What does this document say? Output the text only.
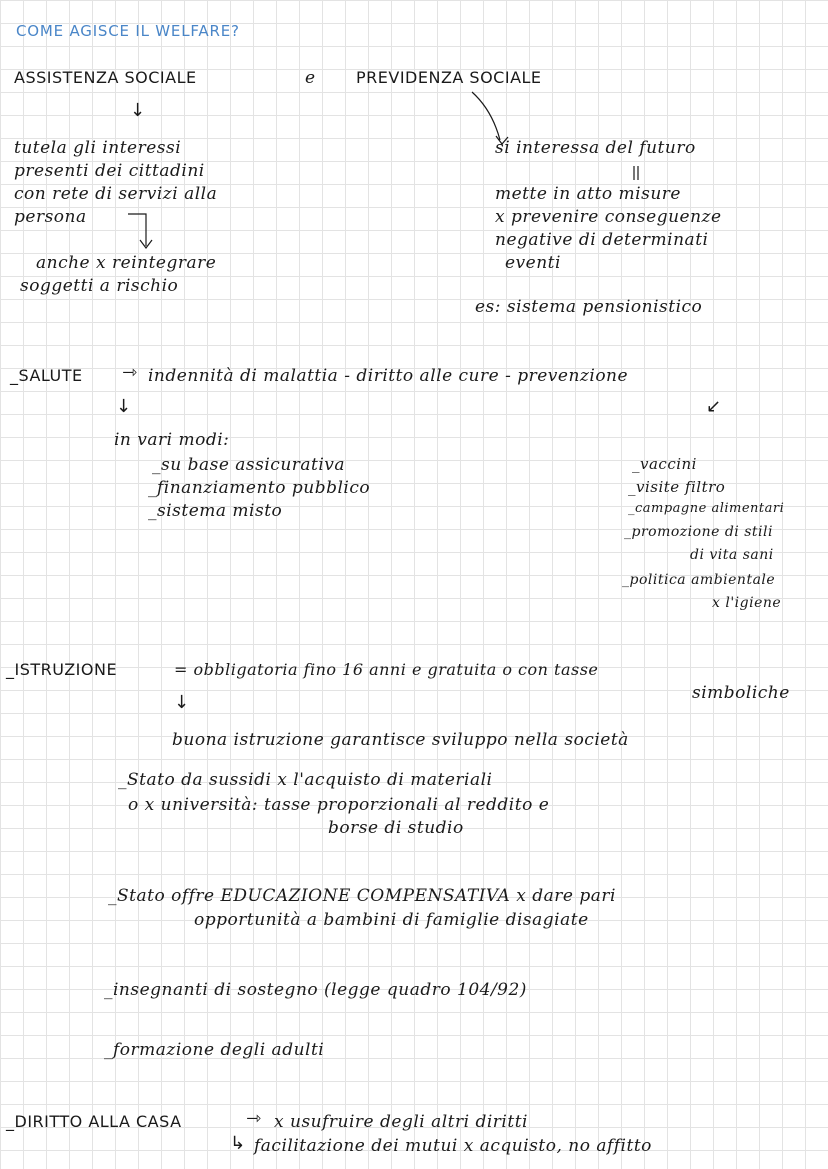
COME AGISCE IL WELFARE?
ASSISTENZA SOCIALE	e	PREVIDENZA SOCIALE
↓
tutela gli interessi
presenti dei cittadini
con rete di servizi alla
persona
anche x reintegrare
soggetti a rischio
si interessa del futuro
mette in atto misure
x prevenire conseguenze
negative di determinati
eventi
es: sistema pensionistico
_SALUTE ⇾ indennità di malattia - diritto alle cure - prevenzione
↓	↙
in vari modi:
_su base assicurativa
_finanziamento pubblico
_sistema misto
_vaccini
_visite filtro
_campagne alimentari
_promozione di stili
di vita sani
_politica ambientale
x l'igiene
_ISTRUZIONE	= obbligatoria fino 16 anni e gratuita o con tasse
simboliche
↓
buona istruzione garantisce sviluppo nella società
_Stato da sussidi x l'acquisto di materiali
o x università: tasse proporzionali al reddito e
borse di studio
_Stato offre EDUCAZIONE COMPENSATIVA x dare pari
opportunità a bambini di famiglie disagiate
_insegnanti di sostegno (legge quadro 104/92)
_formazione degli adulti
_DIRITTO ALLA CASA	⇾ x usufruire degli altri diritti
↳ facilitazione dei mutui x acquisto, no affitto
